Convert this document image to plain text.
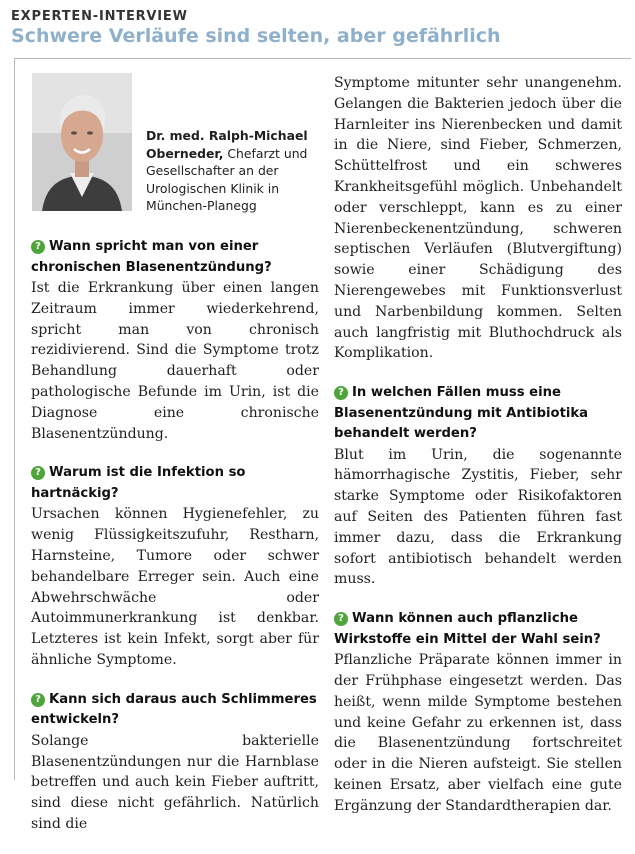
EXPERTEN-INTERVIEW
Schwere Verläufe sind selten, aber gefährlich
Dr. med. Ralph-Michael Oberneder, Chefarzt und Gesellschafter an der Urologischen Klinik in München-Planegg
? Wann spricht man von einer chronischen Blasenentzündung?
Ist die Erkrankung über einen langen Zeitraum immer wiederkehrend, spricht man von chronisch rezidivierend. Sind die Symptome trotz Behandlung dauerhaft oder pathologische Befunde im Urin, ist die Diagnose eine chronische Blasenentzündung.
? Warum ist die Infektion so hartnäckig?
Ursachen können Hygienefehler, zu wenig Flüssigkeitszufuhr, Restharn, Harnsteine, Tumore oder schwer behandelbare Erreger sein. Auch eine Abwehrschwäche oder Autoimmunerkrankung ist denkbar. Letzteres ist kein Infekt, sorgt aber für ähnliche Symptome.
? Kann sich daraus auch Schlimmeres entwickeln?
Solange bakterielle Blasenentzündungen nur die Harnblase betreffen und auch kein Fieber auftritt, sind diese nicht gefährlich. Natürlich sind die
Symptome mitunter sehr unangenehm. Gelangen die Bakterien jedoch über die Harnleiter ins Nierenbecken und damit in die Niere, sind Fieber, Schmerzen, Schüttelfrost und ein schweres Krankheitsgefühl möglich. Unbehandelt oder verschleppt, kann es zu einer Nierenbeckenentzündung, schweren septischen Verläufen (Blutvergiftung) sowie einer Schädigung des Nierengewebes mit Funktionsverlust und Narbenbildung kommen. Selten auch langfristig mit Bluthochdruck als Komplikation.
? In welchen Fällen muss eine Blasenentzündung mit Antibiotika behandelt werden?
Blut im Urin, die sogenannte hämorrhagische Zystitis, Fieber, sehr starke Symptome oder Risikofaktoren auf Seiten des Patienten führen fast immer dazu, dass die Erkrankung sofort antibiotisch behandelt werden muss.
? Wann können auch pflanzliche Wirkstoffe ein Mittel der Wahl sein?
Pflanzliche Präparate können immer in der Frühphase eingesetzt werden. Das heißt, wenn milde Symptome bestehen und keine Gefahr zu erkennen ist, dass die Blasenentzündung fortschreitet oder in die Nieren aufsteigt. Sie stellen keinen Ersatz, aber vielfach eine gute Ergänzung der Standardtherapien dar.
